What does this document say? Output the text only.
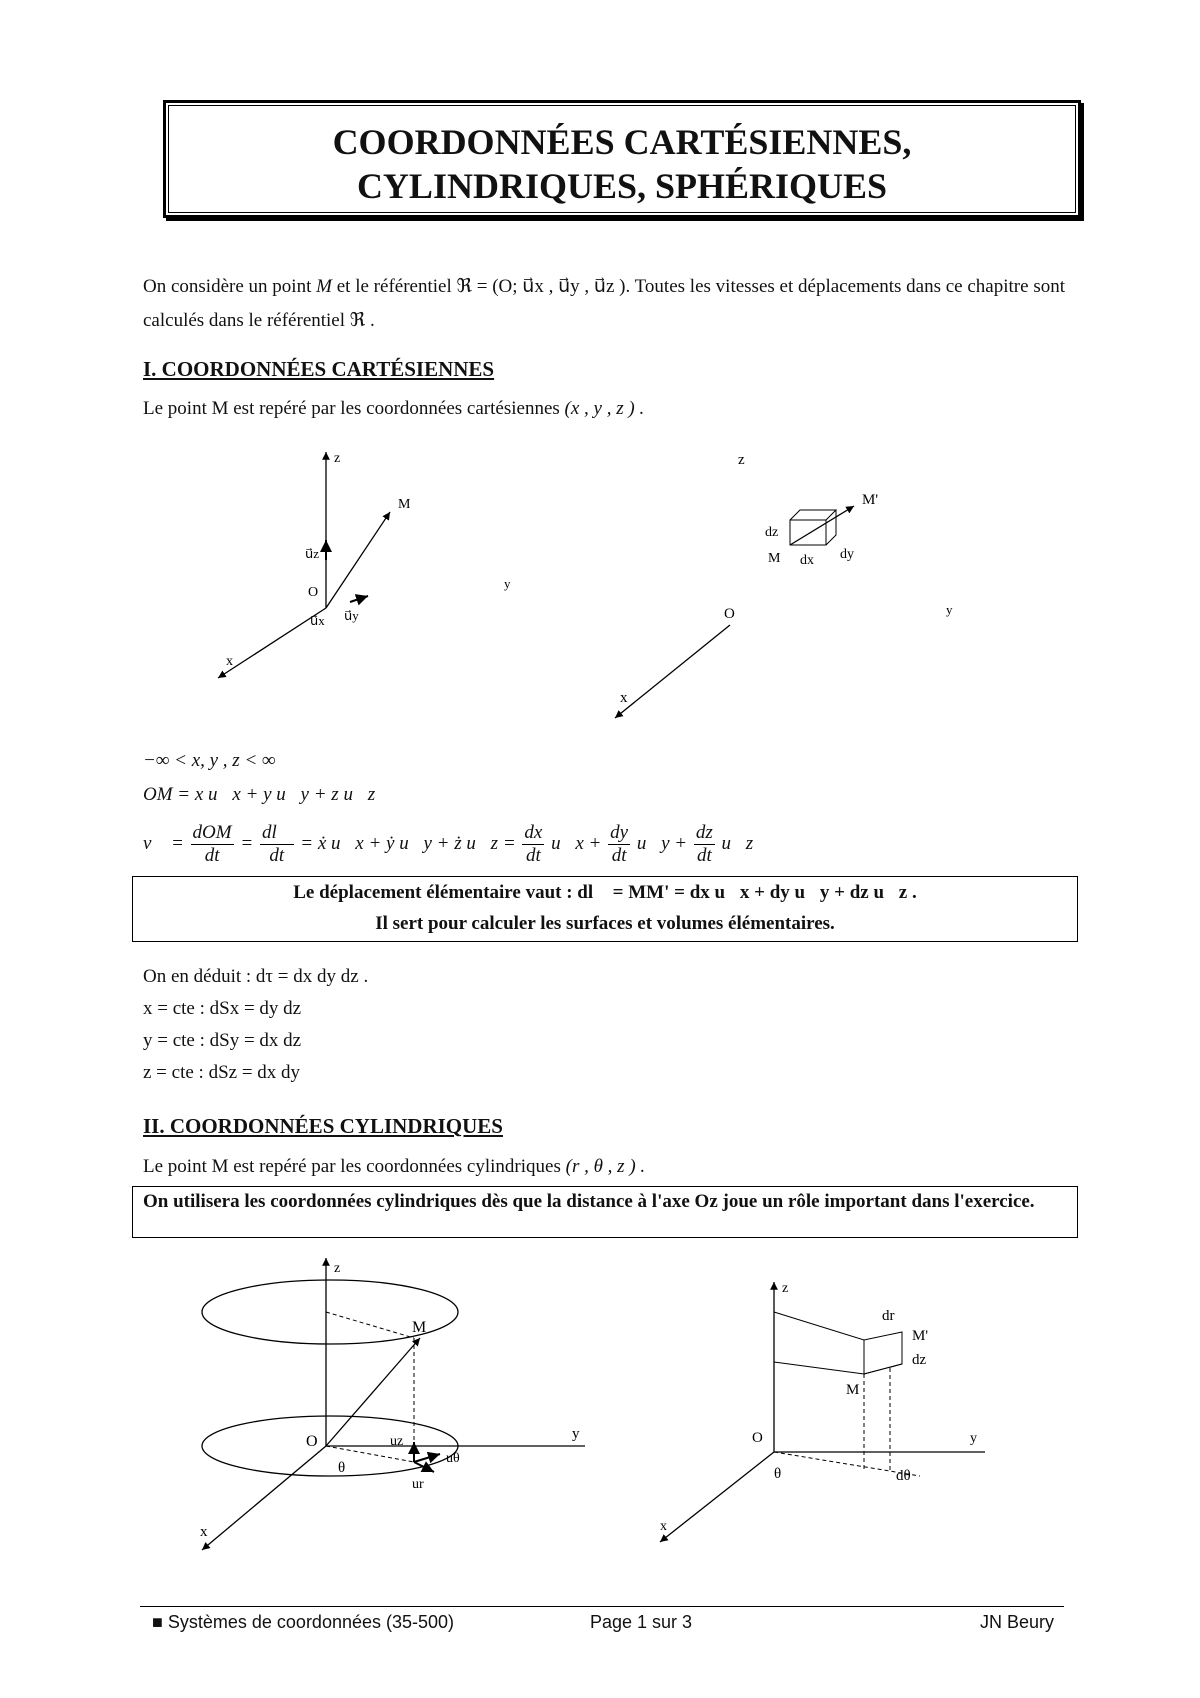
COORDONNÉES CARTÉSIENNES,
CYLINDRIQUES, SPHÉRIQUES
On considère un point M et le référentiel ℜ = (O; u⃗x , u⃗y , u⃗z ). Toutes les vitesses et déplacements dans ce chapitre sont calculés dans le référentiel ℜ .
I. COORDONNÉES CARTÉSIENNES
Le point M est repéré par les coordonnées cartésiennes (x , y , z ) .
z
x
O
M
u⃗z
u⃗y
u⃗x
y
z
M'
dz
M dx dy
O	y
x
−∞ < x, y , z < ∞
OM = x u⃗x + y u⃗y + z u⃗z
v⃗ = $\frac{\text{dOM}}{dt} = \frac{dl⃗}{dt}$ = ẋ u⃗x + ẏ u⃗y + ż u⃗z = $\frac{dx}{dt}$ u⃗x + $\frac{dy}{dt}$ u⃗y + $\frac{dz}{dt}$ u⃗z
Le déplacement élémentaire vaut : dl⃗ = MM' = dx u⃗x + dy u⃗y + dz u⃗z .
Il sert pour calculer les surfaces et volumes élémentaires.
On en déduit : dτ = dx dy dz .
x = cte : dSx = dy dz
y = cte : dSy = dx dz
z = cte : dSz = dx dy
II. COORDONNÉES CYLINDRIQUES
Le point M est repéré par les coordonnées cylindriques (r , θ , z ) .
On utilisera les coordonnées cylindriques dès que la distance à l'axe Oz joue un rôle important dans l'exercice.
z
M
O	y
x
θ
uz
ur
uθ
z
dr
M'
dz
M
O	y
x
θ	dθ
■ Systèmes de coordonnées (35-500)	Page 1 sur 3	JN Beury
